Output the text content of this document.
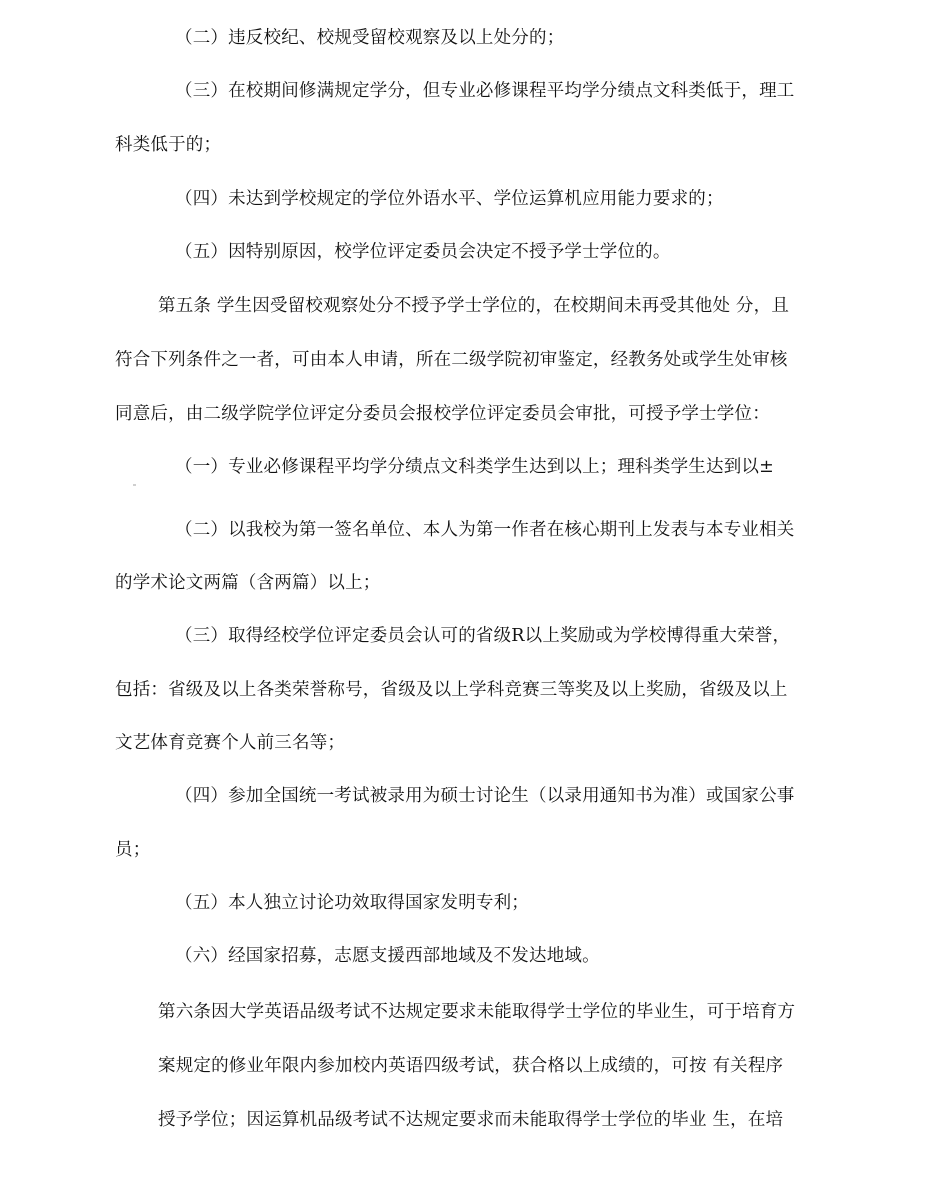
（二）违反校纪、校规受留校观察及以上处分的；
（三）在校期间修满规定学分，但专业必修课程平均学分绩点文科类低于，理工
科类低于的；
（四）未达到学校规定的学位外语水平、学位运算机应用能力要求的；
（五）因特别原因，校学位评定委员会决定不授予学士学位的。
第五条 学生因受留校观察处分不授予学士学位的，在校期间未再受其他处 分，且
符合下列条件之一者，可由本人申请，所在二级学院初审鉴定，经教务处或学生处审核
同意后，由二级学院学位评定分委员会报校学位评定委员会审批，可授予学士学位：
（一）专业必修课程平均学分绩点文科类学生达到以上；理科类学生达到以±
（二）以我校为第一签名单位、本人为第一作者在核心期刊上发表与本专业相关
的学术论文两篇（含两篇）以上；
（三）取得经校学位评定委员会认可的省级R以上奖励或为学校博得重大荣誉，
包括：省级及以上各类荣誉称号，省级及以上学科竞赛三等奖及以上奖励，省级及以上
文艺体育竞赛个人前三名等；
（四）参加全国统一考试被录用为硕士讨论生（以录用通知书为准）或国家公事
员；
（五）本人独立讨论功效取得国家发明专利；
（六）经国家招募，志愿支援西部地域及不发达地域。
第六条因大学英语品级考试不达规定要求未能取得学士学位的毕业生，可于培育方
案规定的修业年限内参加校内英语四级考试，获合格以上成绩的，可按 有关程序
授予学位；因运算机品级考试不达规定要求而未能取得学士学位的毕业 生，在培
